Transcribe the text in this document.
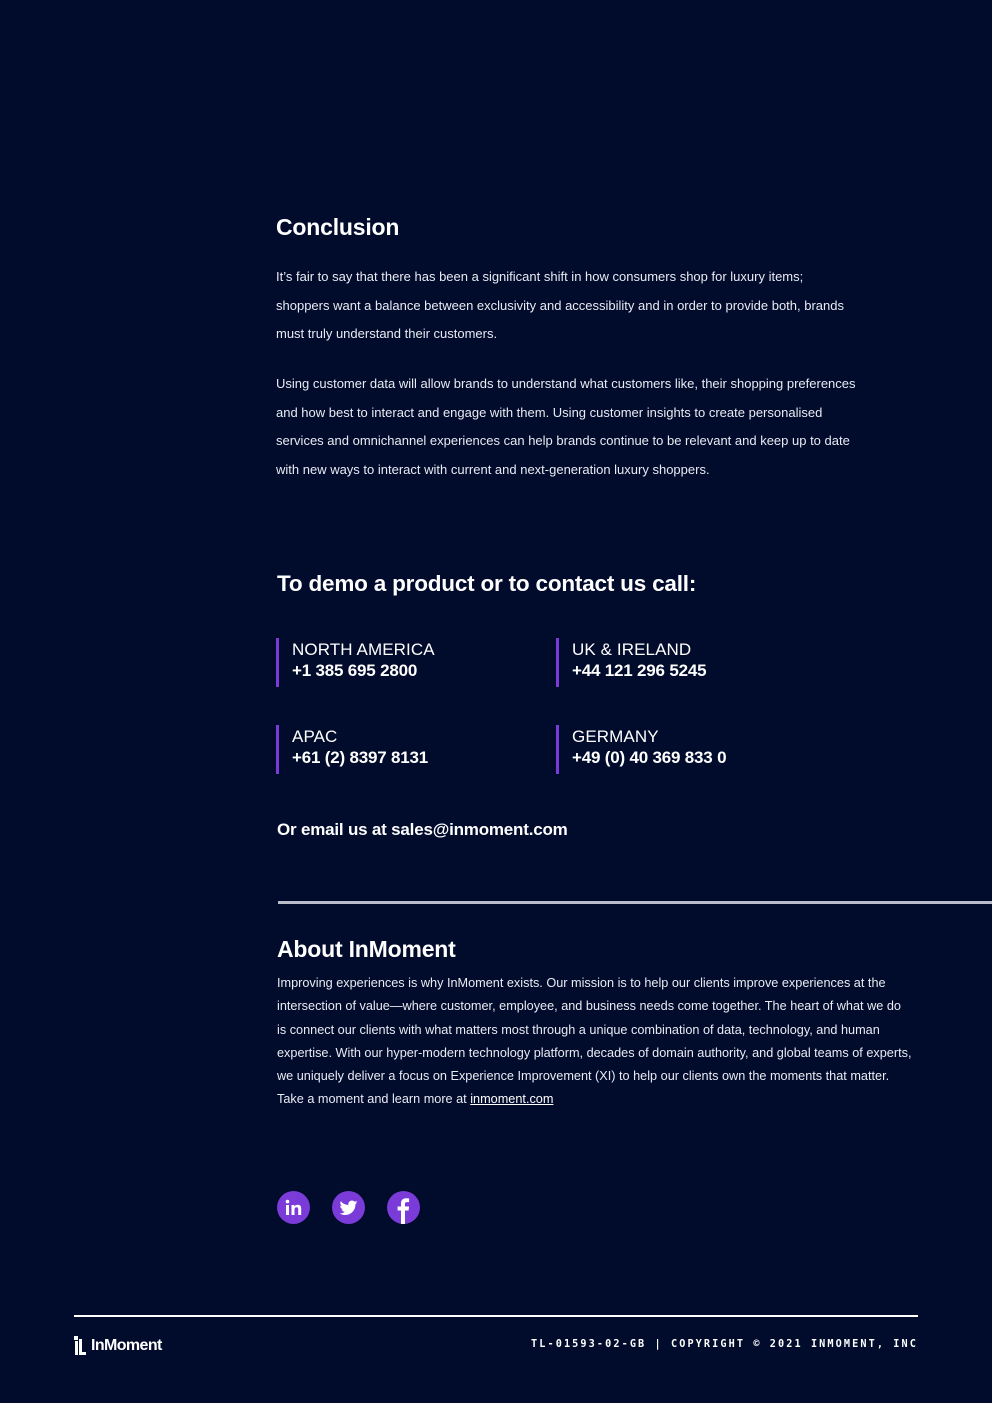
Conclusion

It’s fair to say that there has been a significant shift in how consumers shop for luxury items; shoppers want a balance between exclusivity and accessibility and in order to provide both, brands must truly understand their customers.

Using customer data will allow brands to understand what customers like, their shopping preferences and how best to interact and engage with them. Using customer insights to create personalised services and omnichannel experiences can help brands continue to be relevant and keep up to date with new ways to interact with current and next-generation luxury shoppers.

To demo a product or to contact us call:
NORTH AMERICA
+1 385 695 2800
UK & IRELAND
+44 121 296 5245
APAC
+61 (2) 8397 8131
GERMANY
+49 (0) 40 369 833 0
Or email us at sales@inmoment.com
About InMoment

Improving experiences is why InMoment exists. Our mission is to help our clients improve experiences at the intersection of value—where customer, employee, and business needs come together. The heart of what we do is connect our clients with what matters most through a unique combination of data, technology, and human expertise. With our hyper-modern technology platform, decades of domain authority, and global teams of experts, we uniquely deliver a focus on Experience Improvement (XI) to help our clients own the moments that matter. Take a moment and learn more at inmoment.com

InMoment	TL-01593-02-GB | COPYRIGHT © 2021 INMOMENT, INC
